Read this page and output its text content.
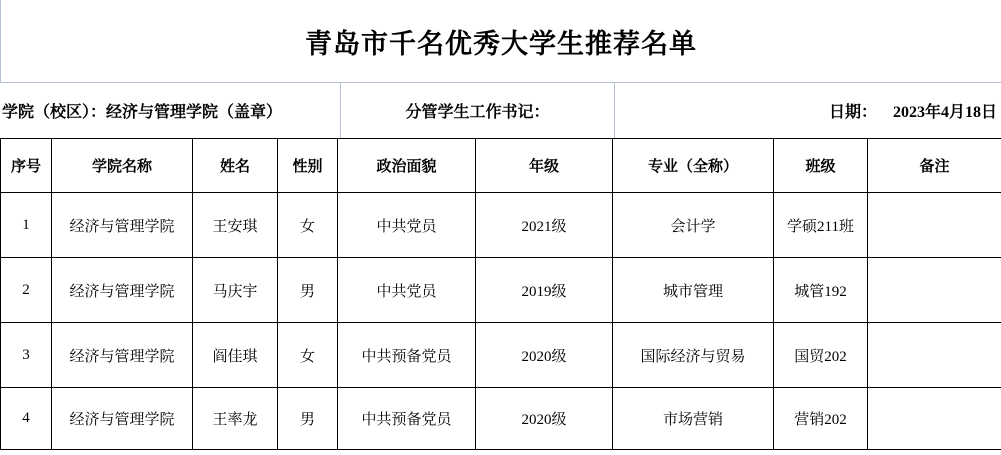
青岛市千名优秀大学生推荐名单
学院（校区）：经济与管理学院（盖章）	分管学生工作书记：	日期： 2023年4月18日
序号	学院名称	姓名	性别	政治面貌	年级	专业（全称）	班级	备注
1	经济与管理学院	王安琪	女	中共党员	2021级	会计学	学硕211班	
2	经济与管理学院	马庆宇	男	中共党员	2019级	城市管理	城管192	
3	经济与管理学院	阎佳琪	女	中共预备党员	2020级	国际经济与贸易	国贸202	
4	经济与管理学院	王率龙	男	中共预备党员	2020级	市场营销	营销202	
